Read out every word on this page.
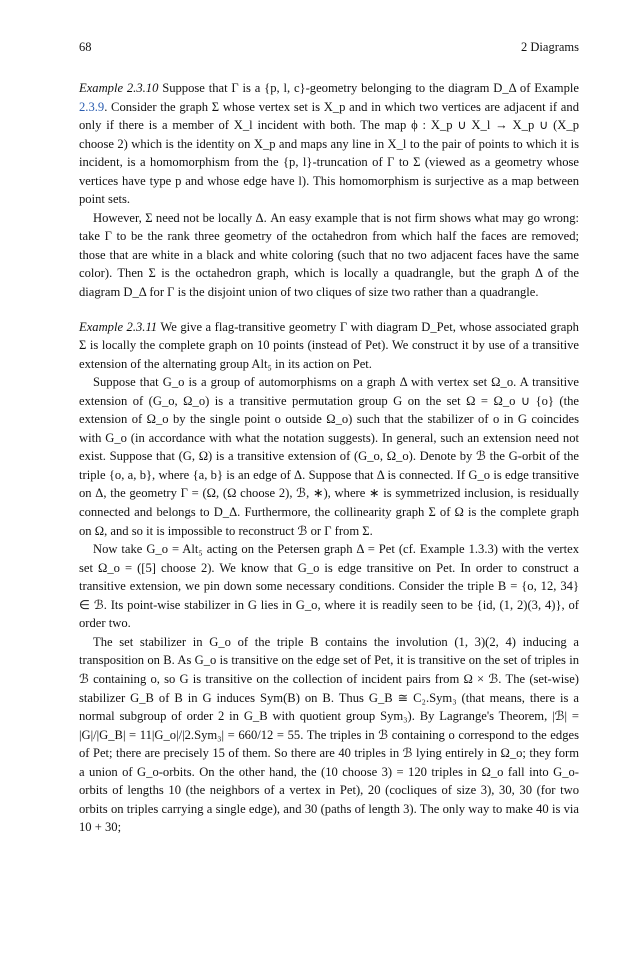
68	2 Diagrams

Example 2.3.10 Suppose that Γ is a {p, l, c}-geometry belonging to the diagram D_Δ of Example 2.3.9. Consider the graph Σ whose vertex set is X_p and in which two vertices are adjacent if and only if there is a member of X_l incident with both. The map ϕ : X_p ∪ X_l → X_p ∪ (X_p choose 2) which is the identity on X_p and maps any line in X_l to the pair of points to which it is incident, is a homomorphism from the {p, l}-truncation of Γ to Σ (viewed as a geometry whose vertices have type p and whose edge have l). This homomorphism is surjective as a map between point sets.

However, Σ need not be locally Δ. An easy example that is not firm shows what may go wrong: take Γ to be the rank three geometry of the octahedron from which half the faces are removed; those that are white in a black and white coloring (such that no two adjacent faces have the same color). Then Σ is the octahedron graph, which is locally a quadrangle, but the graph Δ of the diagram D_Δ for Γ is the disjoint union of two cliques of size two rather than a quadrangle.

Example 2.3.11 We give a flag-transitive geometry Γ with diagram D_Pet, whose associated graph Σ is locally the complete graph on 10 points (instead of Pet). We construct it by use of a transitive extension of the alternating group Alt₅ in its action on Pet.

Suppose that G_o is a group of automorphisms on a graph Δ with vertex set Ω_o. A transitive extension of (G_o, Ω_o) is a transitive permutation group G on the set Ω = Ω_o ∪ {o} (the extension of Ω_o by the single point o outside Ω_o) such that the stabilizer of o in G coincides with G_o (in accordance with what the notation suggests). In general, such an extension need not exist. Suppose that (G, Ω) is a transitive extension of (G_o, Ω_o). Denote by ℬ the G-orbit of the triple {o, a, b}, where {a, b} is an edge of Δ. Suppose that Δ is connected. If G_o is edge transitive on Δ, the geometry Γ = (Ω, (Ω choose 2), ℬ, ∗), where ∗ is symmetrized inclusion, is residually connected and belongs to D_Δ. Furthermore, the collinearity graph Σ of Ω is the complete graph on Ω, and so it is impossible to reconstruct ℬ or Γ from Σ.

Now take G_o = Alt₅ acting on the Petersen graph Δ = Pet (cf. Example 1.3.3) with the vertex set Ω_o = ([5] choose 2). We know that G_o is edge transitive on Pet. In order to construct a transitive extension, we pin down some necessary conditions. Consider the triple B = {o, 12, 34} ∈ ℬ. Its point-wise stabilizer in G lies in G_o, where it is readily seen to be {id, (1, 2)(3, 4)}, of order two.

The set stabilizer in G_o of the triple B contains the involution (1, 3)(2, 4) inducing a transposition on B. As G_o is transitive on the edge set of Pet, it is transitive on the set of triples in ℬ containing o, so G is transitive on the collection of incident pairs from Ω × ℬ. The (set-wise) stabilizer G_B of B in G induces Sym(B) on B. Thus G_B ≅ C₂.Sym₃ (that means, there is a normal subgroup of order 2 in G_B with quotient group Sym₃). By Lagrange's Theorem, |ℬ| = |G|/|G_B| = 11|G_o|/|2.Sym₃| = 660/12 = 55. The triples in ℬ containing o correspond to the edges of Pet; there are precisely 15 of them. So there are 40 triples in ℬ lying entirely in Ω_o; they form a union of G_o-orbits. On the other hand, the (10 choose 3) = 120 triples in Ω_o fall into G_o-orbits of lengths 10 (the neighbors of a vertex in Pet), 20 (cocliques of size 3), 30, 30 (for two orbits on triples carrying a single edge), and 30 (paths of length 3). The only way to make 40 is via 10 + 30;
